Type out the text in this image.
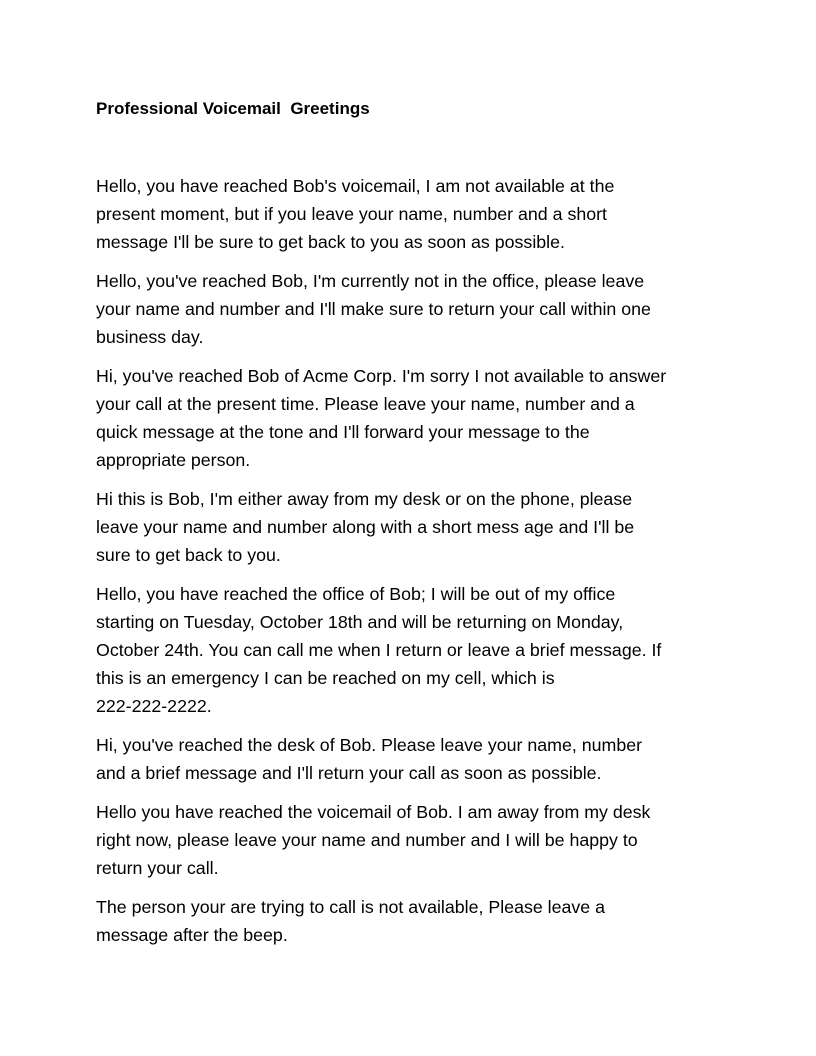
Professional Voicemail  Greetings

Hello, you have reached Bob's voicemail, I am not available at the
present moment, but if you leave your name, number and a short
message I'll be sure to get back to you as soon as possible.

Hello, you've reached Bob, I'm currently not in the office, please leave
your name and number and I'll make sure to return your call within one
business day.

Hi, you've reached Bob of Acme Corp. I'm sorry I not available to answer
your call at the present time. Please leave your name, number and a
quick message at the tone and I'll forward your message to the
appropriate person.

Hi this is Bob, I'm either away from my desk or on the phone, please
leave your name and number along with a short mess age and I'll be
sure to get back to you.

Hello, you have reached the office of Bob; I will be out of my office
starting on Tuesday, October 18th and will be returning on Monday,
October 24th. You can call me when I return or leave a brief message. If
this is an emergency I can be reached on my cell, which is
222-222-2222.

Hi, you've reached the desk of Bob. Please leave your name, number
and a brief message and I'll return your call as soon as possible.

Hello you have reached the voicemail of Bob. I am away from my desk
right now, please leave your name and number and I will be happy to
return your call.

The person your are trying to call is not available, Please leave a
message after the beep.
